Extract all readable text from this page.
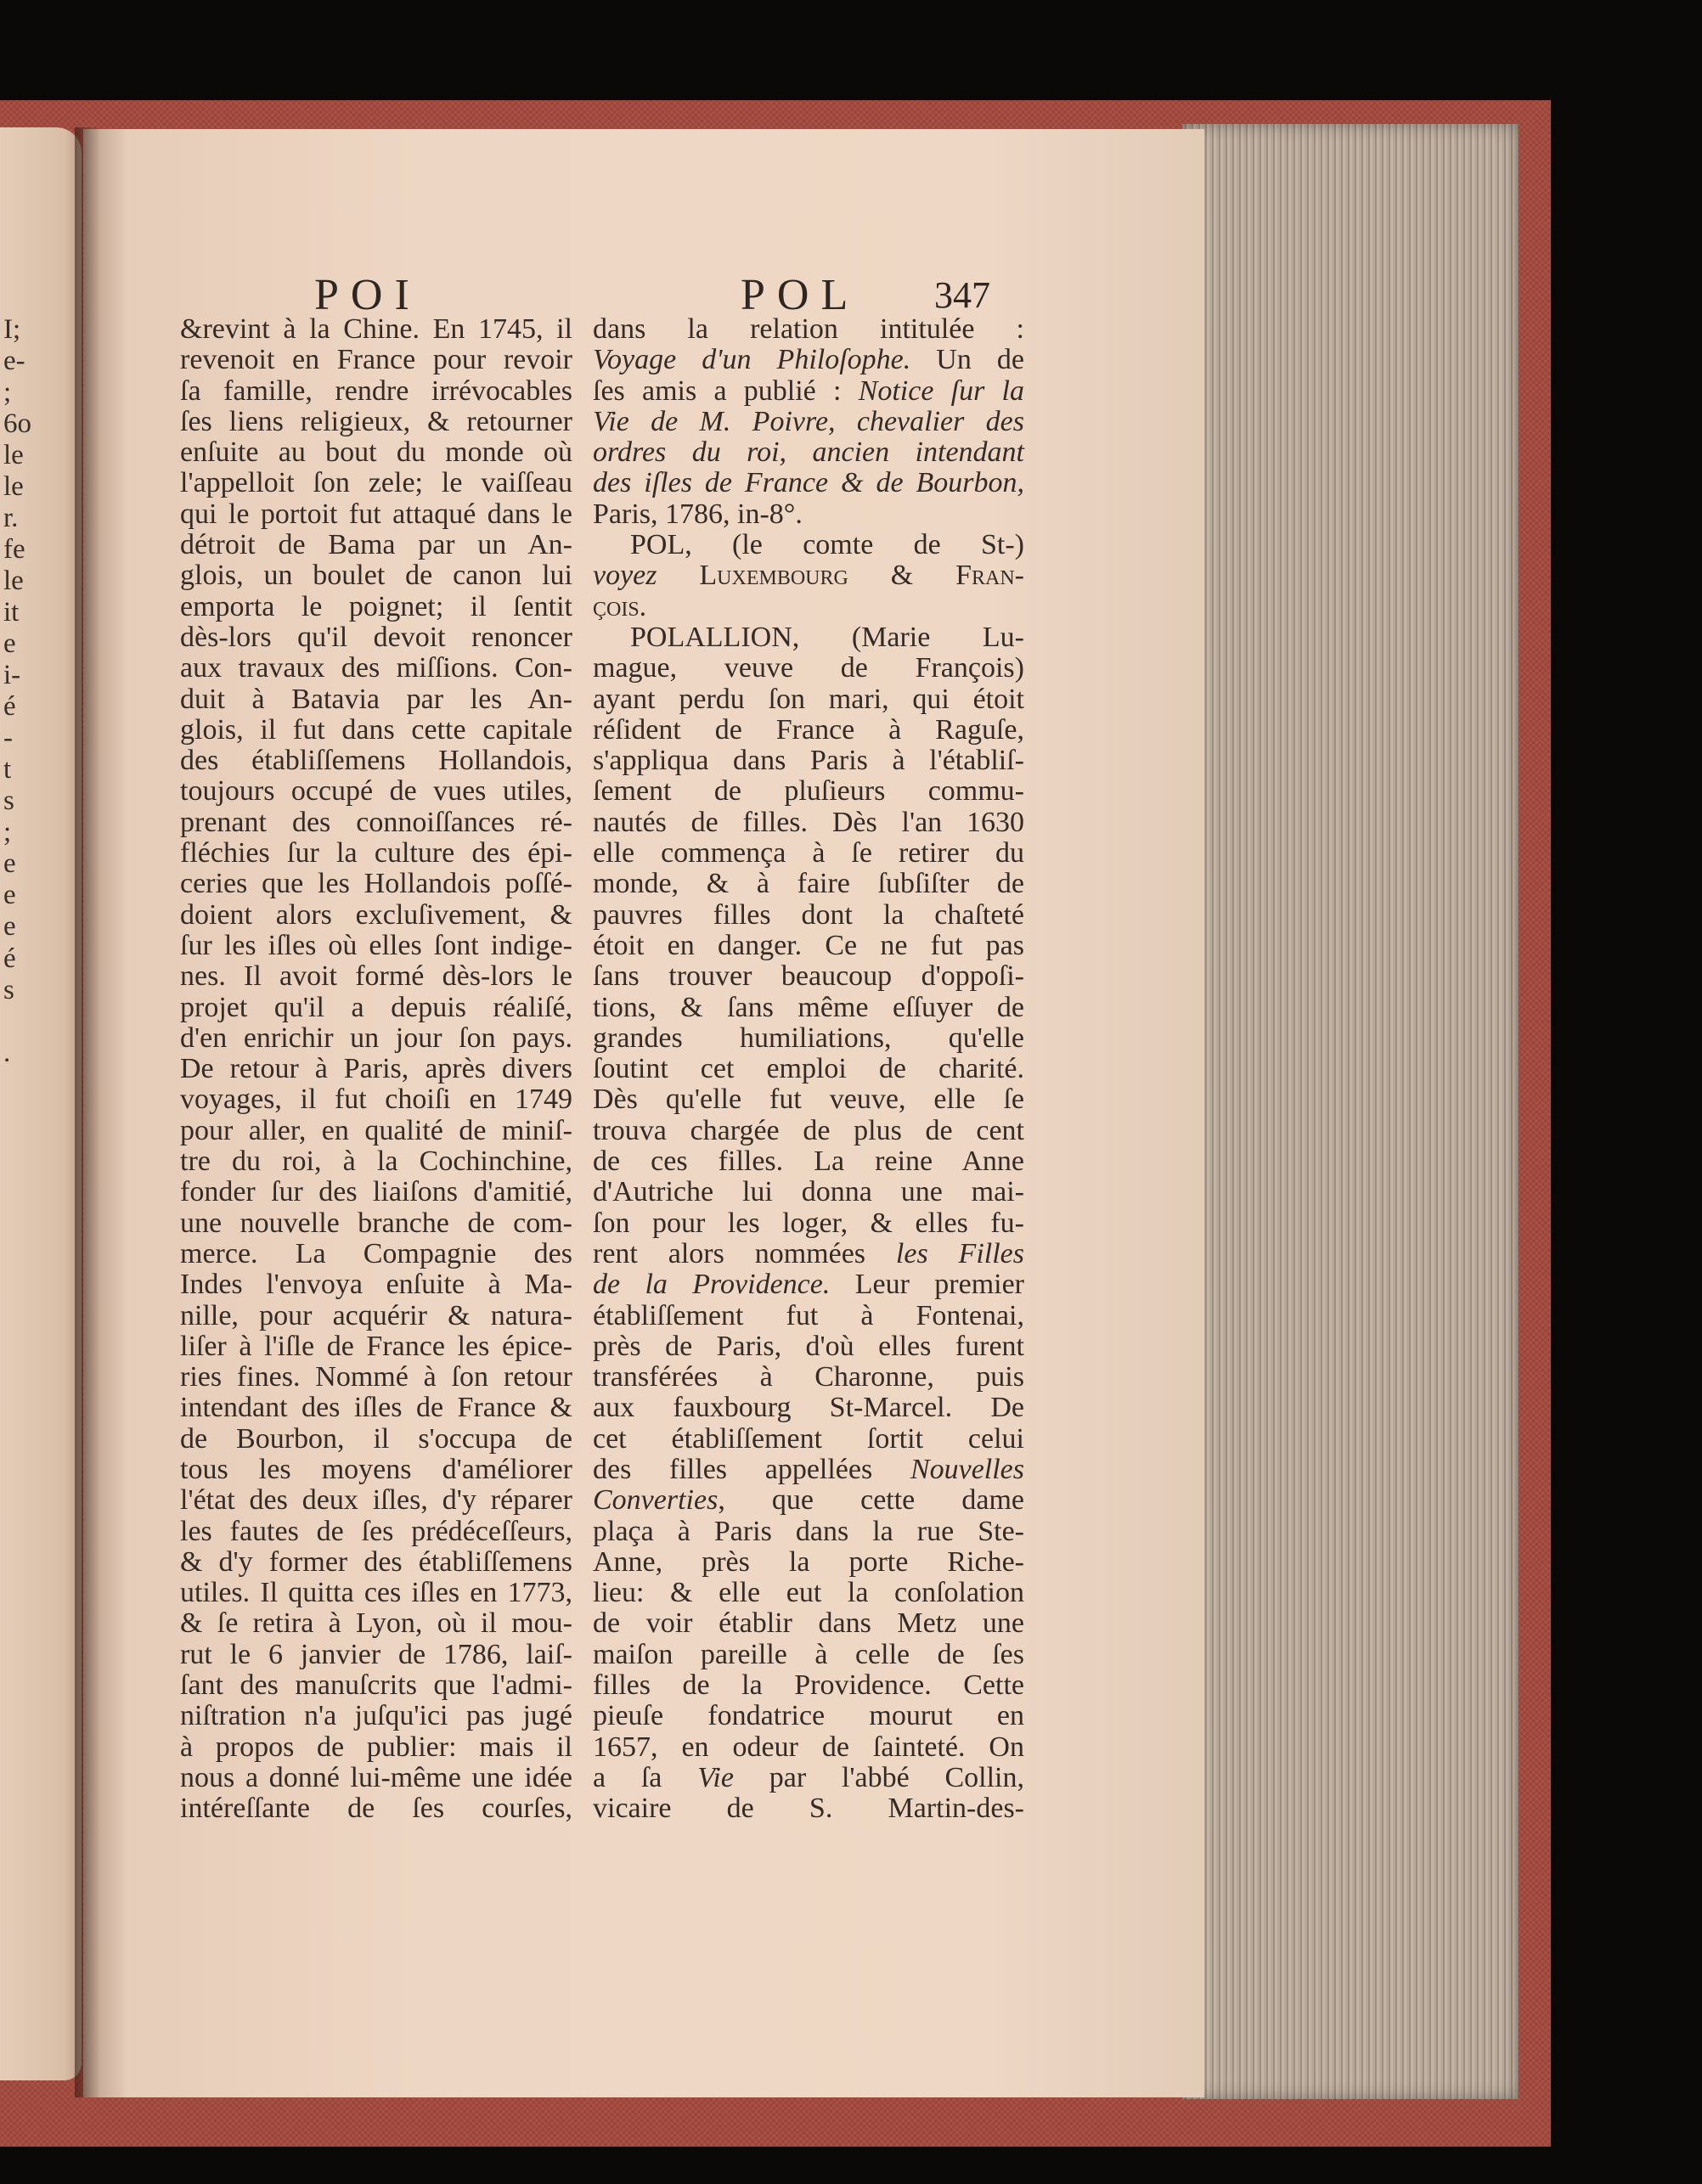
I;
e-
;
6o
le
le
r.
fe
le
it
e
i-
é
-
t
s
;
e
e
e
é
s
.
POI	POL 347
&revint à la Chine. En 1745, il
revenoit en France pour revoir
ſa famille, rendre irrévocables
ſes liens religieux, & retourner
enſuite au bout du monde où
l'appelloit ſon zele; le vaiſſeau
qui le portoit fut attaqué dans le
détroit de Bama par un An-
glois, un boulet de canon lui
emporta le poignet; il ſentit
dès-lors qu'il devoit renoncer
aux travaux des miſſions. Con-
duit à Batavia par les An-
glois, il fut dans cette capitale
des établiſſemens Hollandois,
toujours occupé de vues utiles,
prenant des connoiſſances ré-
fléchies ſur la culture des épi-
ceries que les Hollandois poſſé-
doient alors excluſivement, &
ſur les iſles où elles ſont indige-
nes. Il avoit formé dès-lors le
projet qu'il a depuis réaliſé,
d'en enrichir un jour ſon pays.
De retour à Paris, après divers
voyages, il fut choiſi en 1749
pour aller, en qualité de miniſ-
tre du roi, à la Cochinchine,
fonder ſur des liaiſons d'amitié,
une nouvelle branche de com-
merce. La Compagnie des
Indes l'envoya enſuite à Ma-
nille, pour acquérir & natura-
liſer à l'iſle de France les épice-
ries fines. Nommé à ſon retour
intendant des iſles de France &
de Bourbon, il s'occupa de
tous les moyens d'améliorer
l'état des deux iſles, d'y réparer
les fautes de ſes prédéceſſeurs,
& d'y former des établiſſemens
utiles. Il quitta ces iſles en 1773,
& ſe retira à Lyon, où il mou-
rut le 6 janvier de 1786, laiſ-
ſant des manuſcrits que l'admi-
niſtration n'a juſqu'ici pas jugé
à propos de publier: mais il
nous a donné lui-même une idée
intéreſſante de ſes courſes,
dans la relation intitulée :
Voyage d'un Philoſophe. Un de
ſes amis a publié : Notice ſur la
Vie de M. Poivre, chevalier des
ordres du roi, ancien intendant
des iſles de France & de Bourbon,
Paris, 1786, in-8°.
POL, (le comte de St-)
voyez Luxembourg & Fran-
çois.
POLALLION, (Marie Lu-
mague, veuve de François)
ayant perdu ſon mari, qui étoit
réſident de France à Raguſe,
s'appliqua dans Paris à l'établiſ-
ſement de pluſieurs commu-
nautés de filles. Dès l'an 1630
elle commença à ſe retirer du
monde, & à faire ſubſiſter de
pauvres filles dont la chaſteté
étoit en danger. Ce ne fut pas
ſans trouver beaucoup d'oppoſi-
tions, & ſans même eſſuyer de
grandes humiliations, qu'elle
ſoutint cet emploi de charité.
Dès qu'elle fut veuve, elle ſe
trouva chargée de plus de cent
de ces filles. La reine Anne
d'Autriche lui donna une mai-
ſon pour les loger, & elles fu-
rent alors nommées les Filles
de la Providence. Leur premier
établiſſement fut à Fontenai,
près de Paris, d'où elles furent
transférées à Charonne, puis
aux fauxbourg St-Marcel. De
cet établiſſement ſortit celui
des filles appellées Nouvelles
Converties, que cette dame
plaça à Paris dans la rue Ste-
Anne, près la porte Riche-
lieu: & elle eut la conſolation
de voir établir dans Metz une
maiſon pareille à celle de ſes
filles de la Providence. Cette
pieuſe fondatrice mourut en
1657, en odeur de ſainteté. On
a ſa Vie par l'abbé Collin,
vicaire de S. Martin-des-
